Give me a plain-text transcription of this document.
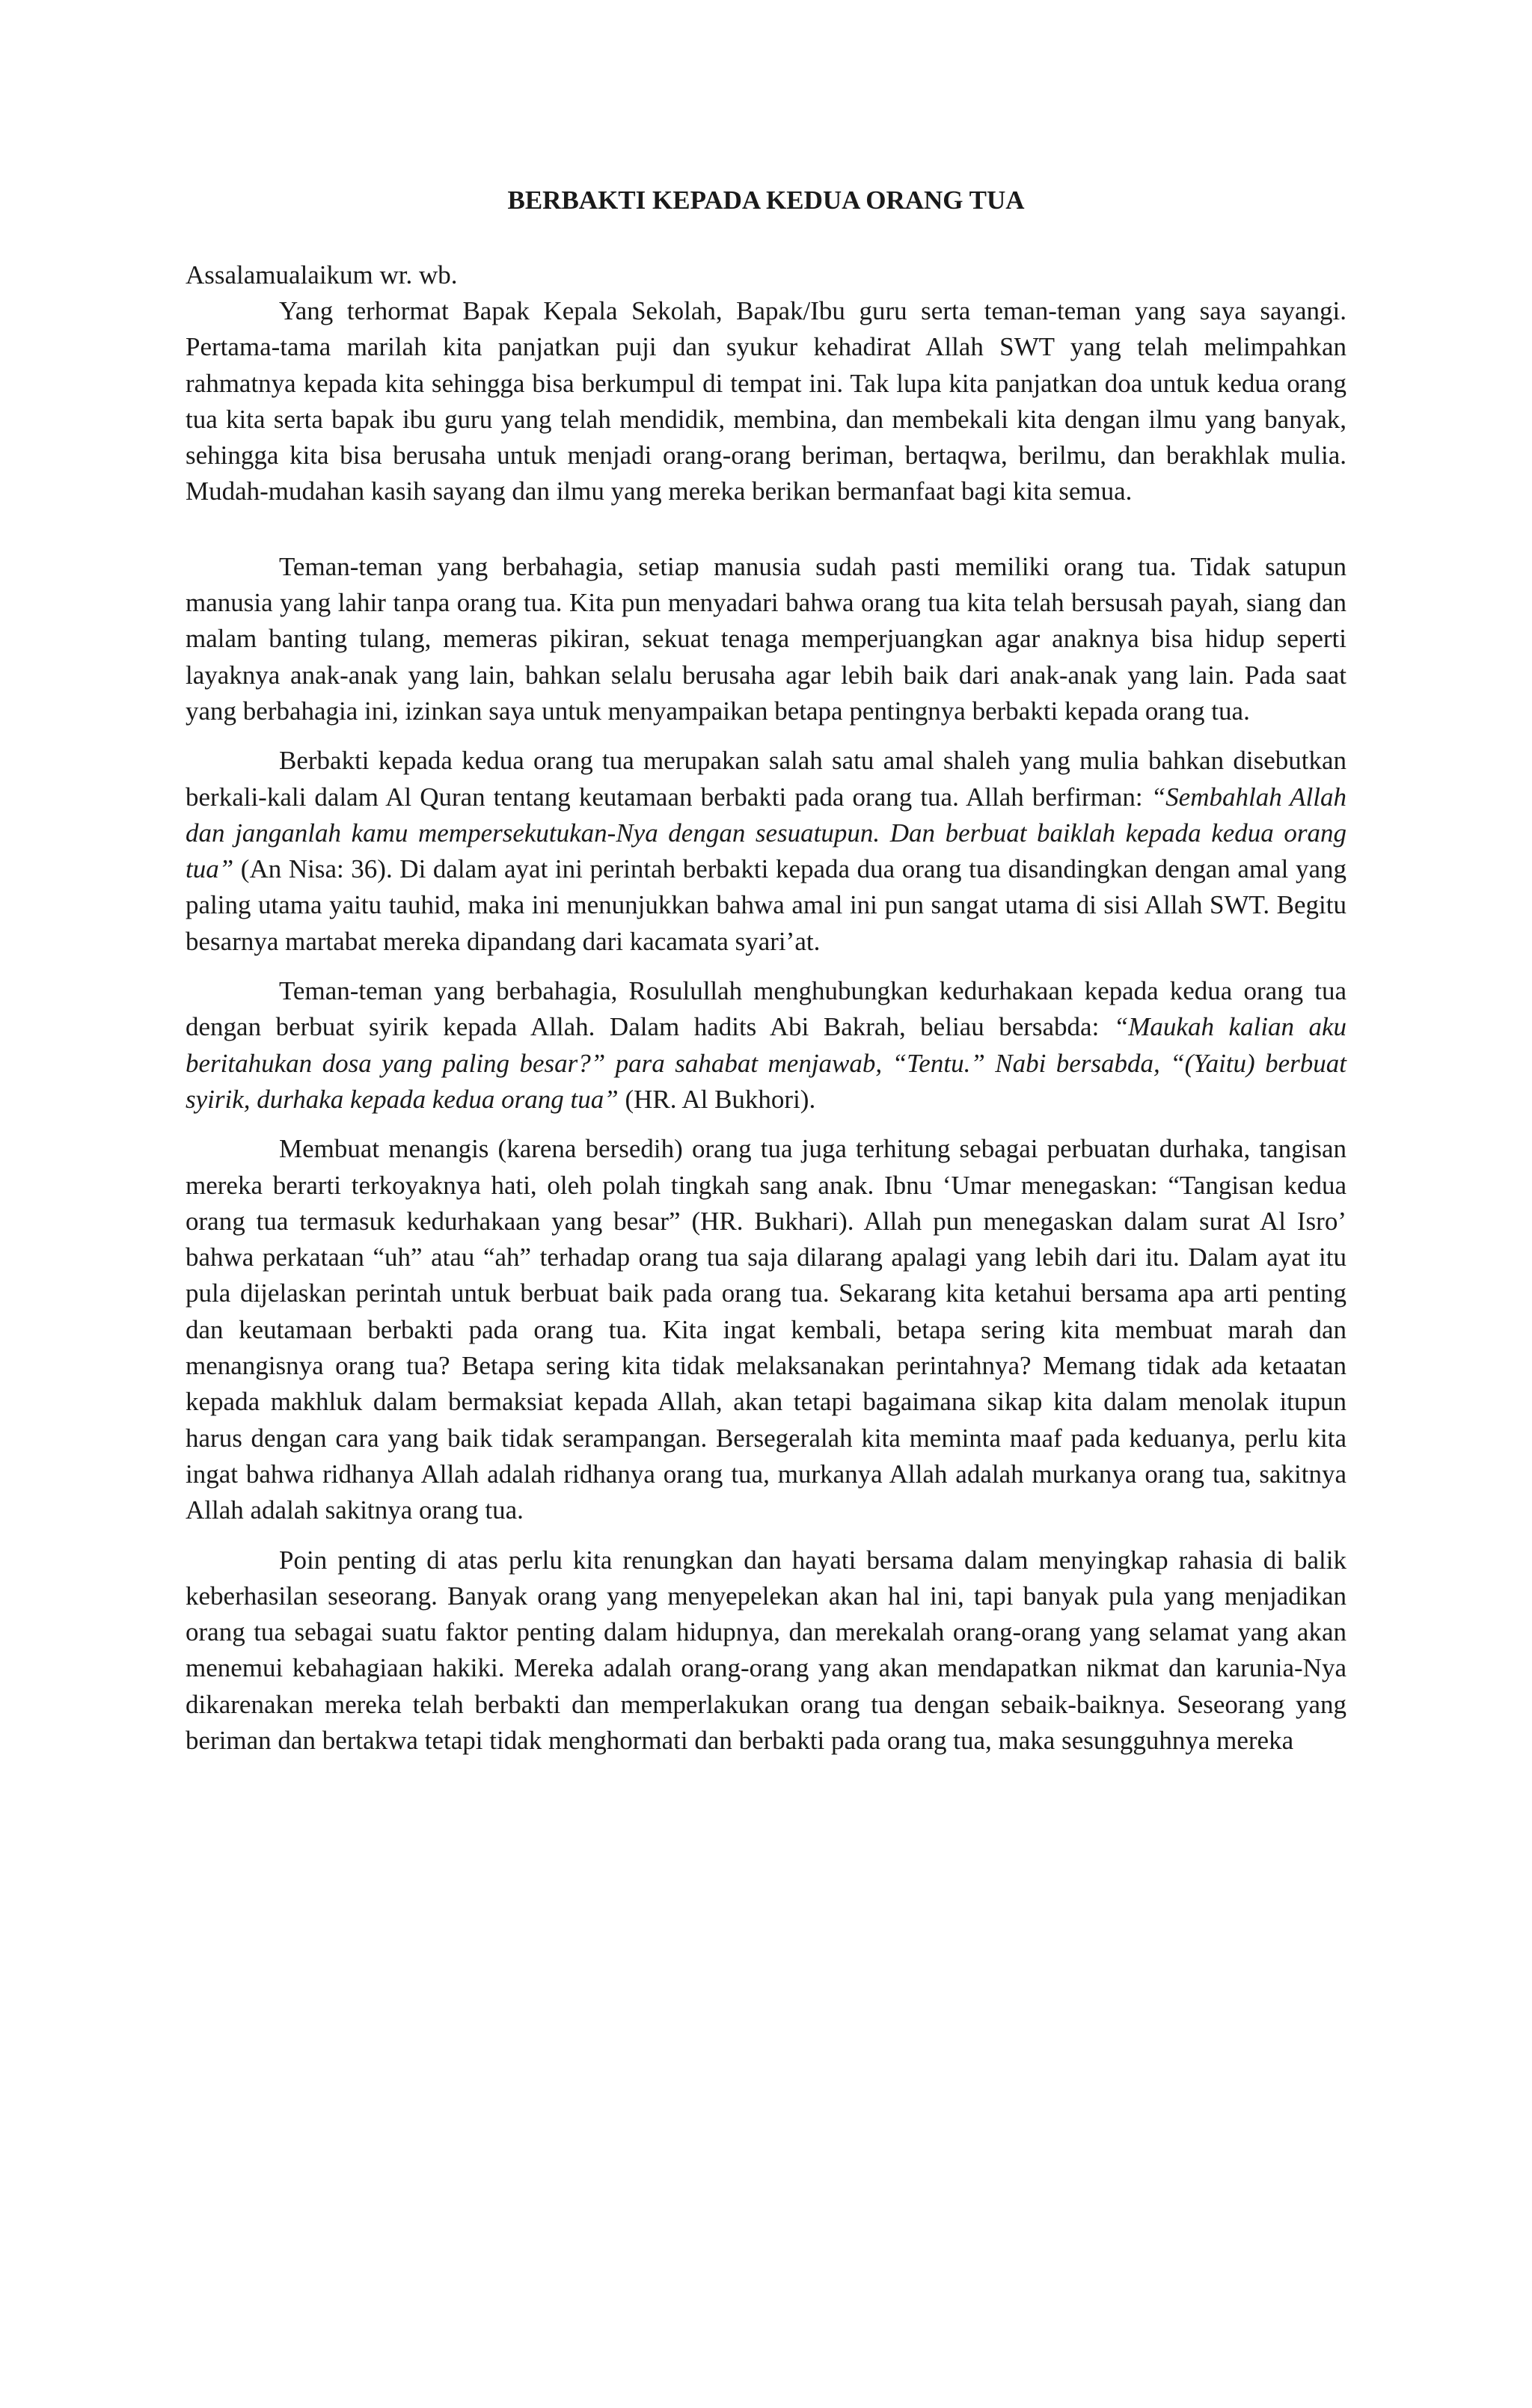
BERBAKTI KEPADA KEDUA ORANG TUA

Assalamualaikum wr. wb.

Yang terhormat Bapak Kepala Sekolah, Bapak/Ibu guru serta teman-teman yang saya sayangi. Pertama-tama marilah kita panjatkan puji dan syukur kehadirat Allah SWT yang telah melimpahkan rahmatnya kepada kita sehingga bisa berkumpul di tempat ini. Tak lupa kita panjatkan doa untuk kedua orang tua kita serta bapak ibu guru yang telah mendidik, membina, dan membekali kita dengan ilmu yang banyak, sehingga kita bisa berusaha untuk menjadi orang-orang beriman, bertaqwa, berilmu, dan berakhlak mulia. Mudah-mudahan kasih sayang dan ilmu yang mereka berikan bermanfaat bagi kita semua.

Teman-teman yang berbahagia, setiap manusia sudah pasti memiliki orang tua. Tidak satupun manusia yang lahir tanpa orang tua. Kita pun menyadari bahwa orang tua kita telah bersusah payah, siang dan malam banting tulang, memeras pikiran, sekuat tenaga memperjuangkan agar anaknya bisa hidup seperti layaknya anak-anak yang lain, bahkan selalu berusaha agar lebih baik dari anak-anak yang lain. Pada saat yang berbahagia ini, izinkan saya untuk menyampaikan betapa pentingnya berbakti kepada orang tua.

Berbakti kepada kedua orang tua merupakan salah satu amal shaleh yang mulia bahkan disebutkan berkali-kali dalam Al Quran tentang keutamaan berbakti pada orang tua. Allah berfirman: “Sembahlah Allah dan janganlah kamu mempersekutukan-Nya dengan sesuatupun. Dan berbuat baiklah kepada kedua orang tua” (An Nisa: 36). Di dalam ayat ini perintah berbakti kepada dua orang tua disandingkan dengan amal yang paling utama yaitu tauhid, maka ini menunjukkan bahwa amal ini pun sangat utama di sisi Allah SWT. Begitu besarnya martabat mereka dipandang dari kacamata syari’at.

Teman-teman yang berbahagia, Rosulullah menghubungkan kedurhakaan kepada kedua orang tua dengan berbuat syirik kepada Allah. Dalam hadits Abi Bakrah, beliau bersabda: “Maukah kalian aku beritahukan dosa yang paling besar?” para sahabat menjawab, “Tentu.” Nabi bersabda, “(Yaitu) berbuat syirik, durhaka kepada kedua orang tua” (HR. Al Bukhori).

Membuat menangis (karena bersedih) orang tua juga terhitung sebagai perbuatan durhaka, tangisan mereka berarti terkoyaknya hati, oleh polah tingkah sang anak. Ibnu ‘Umar menegaskan: “Tangisan kedua orang tua termasuk kedurhakaan yang besar” (HR. Bukhari). Allah pun menegaskan dalam surat Al Isro’ bahwa perkataan “uh” atau “ah” terhadap orang tua saja dilarang apalagi yang lebih dari itu. Dalam ayat itu pula dijelaskan perintah untuk berbuat baik pada orang tua. Sekarang kita ketahui bersama apa arti penting dan keutamaan berbakti pada orang tua. Kita ingat kembali, betapa sering kita membuat marah dan menangisnya orang tua? Betapa sering kita tidak melaksanakan perintahnya? Memang tidak ada ketaatan kepada makhluk dalam bermaksiat kepada Allah, akan tetapi bagaimana sikap kita dalam menolak itupun harus dengan cara yang baik tidak serampangan. Bersegeralah kita meminta maaf pada keduanya, perlu kita ingat bahwa ridhanya Allah adalah ridhanya orang tua, murkanya Allah adalah murkanya orang tua, sakitnya Allah adalah sakitnya orang tua.

Poin penting di atas perlu kita renungkan dan hayati bersama dalam menyingkap rahasia di balik keberhasilan seseorang. Banyak orang yang menyepelekan akan hal ini, tapi banyak pula yang menjadikan orang tua sebagai suatu faktor penting dalam hidupnya, dan merekalah orang-orang yang selamat yang akan menemui kebahagiaan hakiki. Mereka adalah orang-orang yang akan mendapatkan nikmat dan karunia-Nya dikarenakan mereka telah berbakti dan memperlakukan orang tua dengan sebaik-baiknya. Seseorang yang beriman dan bertakwa tetapi tidak menghormati dan berbakti pada orang tua, maka sesungguhnya mereka
